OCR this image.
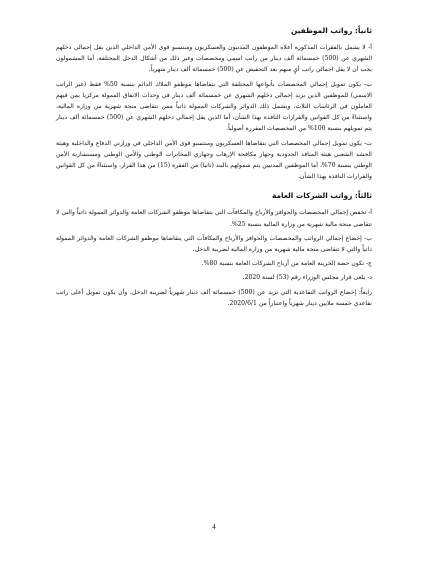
ثانياً: رواتب الموظفين

أ- لا يشمل بالفقرات المذكورة أعلاه الموظفون المدنيون والعسكريون ومنتسبو قوى الأمن الداخلي الذين يقل إجمالي دخلهم الشهري عن (500) خمسمائة ألف دينار من راتب اسمي ومخصصات وغير ذلك من أشكال الدخل المختلفة، أما المشمولون يجب أن لا يقل اجمالي راتب أيٍ منهم بعد التخفيض عن (500) خمسمائة ألف دينار شهرياً.

ب- يكون تمويل إجمالي المخصصات بأنواعها المختلفة التي يتقاضاها موظفو الملاك الدائم بنسبة 50% فقط (غير الراتب الاسمي) للموظفين الذين يزيد إجمالي دخلهم الشهري عن خمسمائة ألف دينار في وحدات الانفاق الممولة مركزيا بمن فيهم العاملون في الرئاسات الثلاث، ويشمل ذلك الدوائر والشركات الممولة ذاتياً ممن تتقاضى منحة شهرية من وزارة المالية، واستثناءً من كل القوانين والقرارات النافذة بهذا الشأن، أما الذين يقل إجمالي دخلهم الشهري عن (500) خمسمائة ألف دينار يتم تمويلهم بنسبة 100% من المخصصات المقررة أصولياً.

ت- يكون تمويل إجمالي المخصصات التي يتقاضاها العسكريون ومنتسبو قوى الأمن الداخلي في وزارتي الدفاع والداخلية وهيئة الحشد الشعبي هيئة المنافذ الحدودية وجهاز مكافحة الإرهاب وجهازي المخابرات الوطني والأمن الوطني ومستشارية الأمن الوطني بنسبة 70%، أما الموظفين المدنيين يتم شمولهم بالبند (ثانيا) من الفقرة (15) من هذا القرار، واستثناءً من كل القوانين والقرارات النافذة بهذا الشأن.

ثالثاً: رواتب الشركات العامة

أ- تخفض إجمالي المخصصات والحوافز والأرباح والمكافآت التي يتقاضاها موظفو الشركات العامة والدوائر الممولة ذاتياً والتي لا تتقاضى منحة مالية شهرية من وزارة المالية بنسبة 25%.

ب- إخضاع إجمالي الرواتب والمخصصات والحوافز والأرباح والمكافآت التي يتقاضاها موظفو الشركات العامة والدوائر الممولة ذاتياً والتي لا تتقاضى منحة مالية شهرية من وزارة المالية لضريبة الدخل.

ج- تكون حصة الخزينة العامة من أرباح الشركات العامة بنسبة 80%.

د- يلغى قرار مجلس الوزراء رقم (53) لسنة 2020.

رابعاً: إخضاع الرواتب التقاعدية التي تزيد عن (500) خمسمائة ألف دينار شهرياً لضريبة الدخل، وأن يكون تمويل أعلى راتب تقاعدي خمسة ملايين دينار شهرياً واعتباراً من 2020/6/1.

4
